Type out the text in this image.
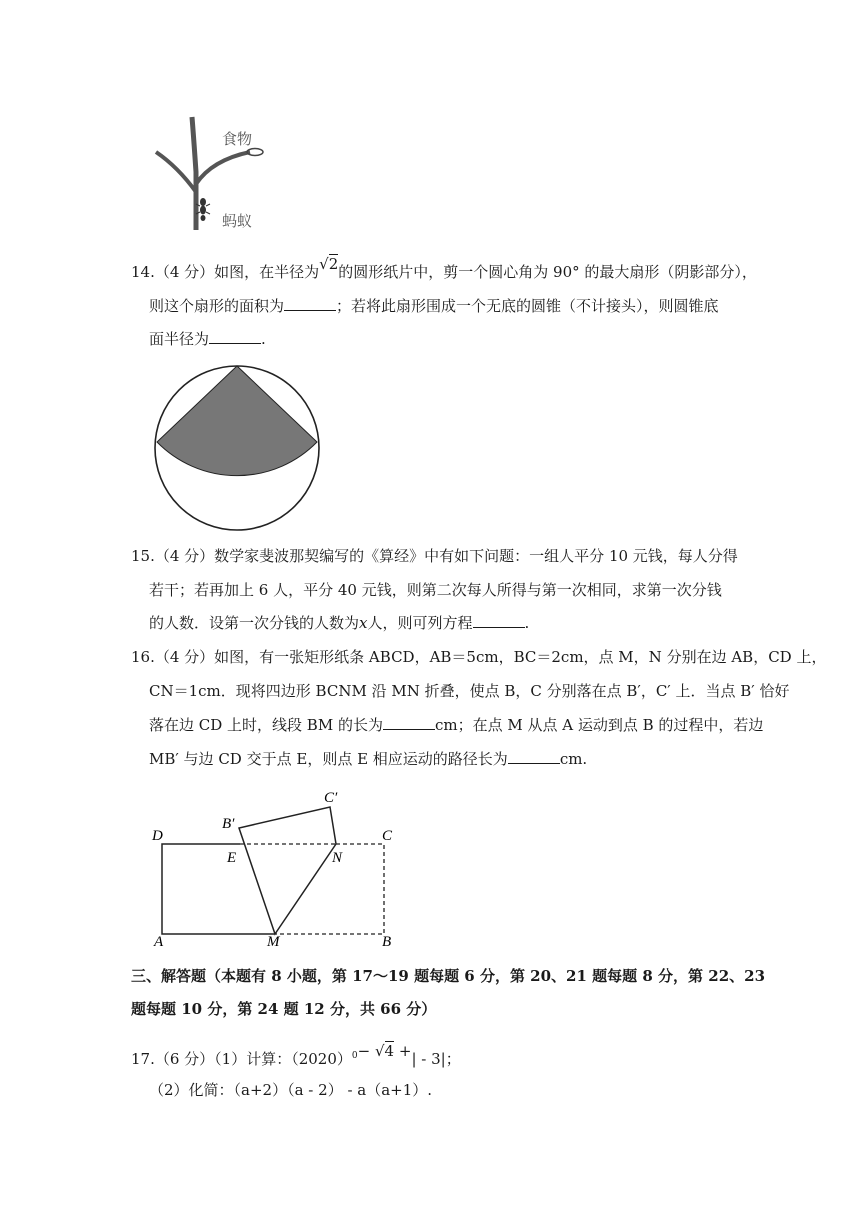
食物
蚂蚁
14.（4 分）如图，在半径为√2的圆形纸片中，剪一个圆心角为 90° 的最大扇形（阴影部分），
则这个扇形的面积为	；若将此扇形围成一个无底的圆锥（不计接头），则圆锥底
面半径为	.
15.（4 分）数学家斐波那契编写的《算经》中有如下问题：一组人平分 10 元钱，每人分得
若干；若再加上 6 人，平分 40 元钱，则第二次每人所得与第一次相同，求第一次分钱
的人数．设第一次分钱的人数为x人，则可列方程	.
16.（4 分）如图，有一张矩形纸条 ABCD，AB＝5cm，BC＝2cm，点 M，N 分别在边 AB，CD 上，
CN＝1cm．现将四边形 BCNM 沿 MN 折叠，使点 B，C 分别落在点 B′，C′ 上．当点 B′ 恰好
落在边 CD 上时，线段 BM 的长为	cm；在点 M 从点 A 运动到点 B 的过程中，若边
MB′ 与边 CD 交于点 E，则点 E 相应运动的路径长为	cm.
D
A	M	B
C
E	N
B′
C′
三、解答题（本题有 8 小题，第 17～19 题每题 6 分，第 20、21 题每题 8 分，第 22、23
题每题 10 分，第 24 题 12 分，共 66 分）
17.（6 分）（1）计算：$(2020)^0- √4$ +| - 3|；
（2）化简：（a+2）（a - 2） - a（a+1）.
